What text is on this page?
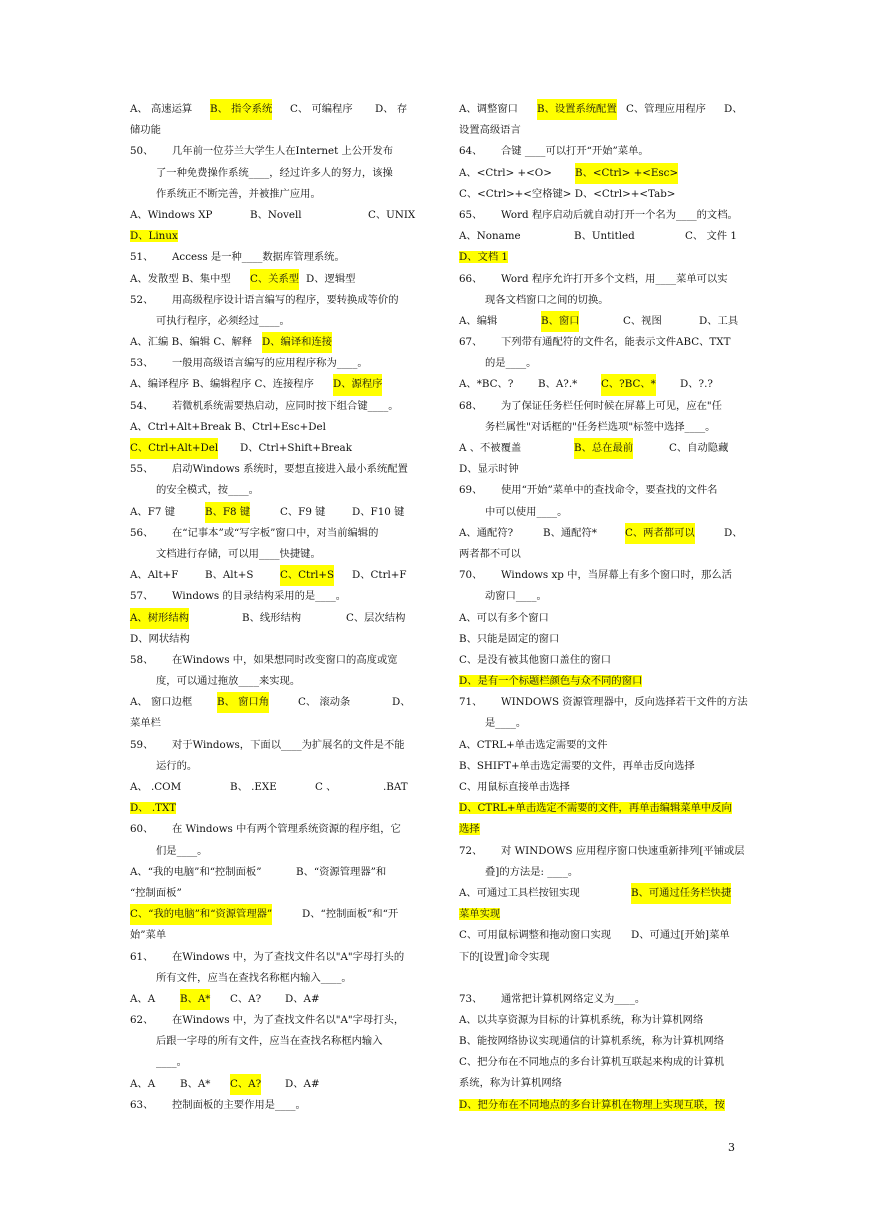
A、 高速运算 B、 指令系统 C、 可编程序 D、 存
储功能
50、 几年前一位芬兰大学生人在Internet 上公开发布
了一种免费操作系统____，经过许多人的努力，该操
作系统正不断完善，并被推广应用。
A、Windows XP	B、Novell	C、UNIX
D、Linux
51、 Access 是一种____数据库管理系统。
A、发散型 B、集中型 C、关系型 D、逻辑型
52、 用高级程序设计语言编写的程序，要转换成等价的
可执行程序，必须经过____。
A、汇编 B、编辑 C、解释 D、编译和连接
53、 一般用高级语言编写的应用程序称为____。
A、编译程序 B、编辑程序 C、连接程序 D、源程序
54、 若微机系统需要热启动，应同时按下组合键____。
A、Ctrl+Alt+Break B、Ctrl+Esc+Del
C、Ctrl+Alt+Del D、Ctrl+Shift+Break
55、 启动Windows 系统时，要想直接进入最小系统配置
的安全模式，按____。
A、F7 键	B、F8 键	C、F9 键	D、F10 键
56、 在“记事本”或“写字板”窗口中，对当前编辑的
文档进行存储，可以用____快捷键。
A、Alt+F	B、Alt+S	C、Ctrl+S D、Ctrl+F
57、 Windows 的目录结构采用的是____。
A、树形结构	B、线形结构	C、层次结构
D、网状结构
58、 在Windows 中，如果想同时改变窗口的高度或宽
度，可以通过拖放____来实现。
A、 窗口边框 B、 窗口角	C、 滚动条	D、
菜单栏
59、 对于Windows，下面以____为扩展名的文件是不能
运行的。
A、 .COM	B、 .EXE	C 、	.BAT
D、 .TXT
60、 在 Windows 中有两个管理系统资源的程序组，它
们是____。
A、“我的电脑”和“控制面板”	B、“资源管理器”和
“控制面板”
C、“我的电脑”和“资源管理器”	D、“控制面板”和“开
始”菜单
61、 在Windows 中，为了查找文件名以"A"字母打头的
所有文件，应当在查找名称框内输入____。
A、A B、A* C、A? D、A#
62、 在Windows 中，为了查找文件名以"A"字母打头，
后跟一字母的所有文件，应当在查找名称框内输入
____。
A、A B、A* C、A? D、A#
63、 控制面板的主要作用是____。
A、调整窗口 B、设置系统配置 C、管理应用程序 D、
设置高级语言
64、 合键 ____可以打开“开始”菜单。
A、<Ctrl> +<O> B、<Ctrl> +<Esc>
C、<Ctrl>+<空格键> D、<Ctrl>+<Tab>
65、 Word 程序启动后就自动打开一个名为____的文档。
A、Noname	B、Untitled	C、 文件 1
D、文档 1
66、 Word 程序允许打开多个文档，用____菜单可以实
现各文档窗口之间的切换。
A、编辑	B、窗口	C、视图	D、工具
67、 下列带有通配符的文件名，能表示文件ABC、TXT
的是____。
A、*BC、? B、A?.* C、?BC、* D、?.?
68、 为了保证任务栏任何时候在屏幕上可见，应在"任
务栏属性"对话框的"任务栏选项"标签中选择____。
A 、不被覆盖	B、总在最前	C、自动隐藏
D、显示时钟
69、 使用“开始”菜单中的查找命令，要查找的文件名
中可以使用____。
A、通配符?	B、通配符*	C、两者都可以	D、
两者都不可以
70、 Windows xp 中，当屏幕上有多个窗口时，那么活
动窗口____。
A、可以有多个窗口
B、只能是固定的窗口
C、是没有被其他窗口盖住的窗口
D、是有一个标题栏颜色与众不同的窗口
71、 WINDOWS 资源管理器中，反向选择若干文件的方法
是____。
A、CTRL+单击选定需要的文件
B、SHIFT+单击选定需要的文件，再单击反向选择
C、用鼠标直接单击选择
D、CTRL+单击选定不需要的文件，再单击编辑菜单中反向
选择
72、 对 WINDOWS 应用程序窗口快速重新排列[平铺或层
叠]的方法是: ____。
A、可通过工具栏按钮实现	B、可通过任务栏快捷
菜单实现
C、可用鼠标调整和拖动窗口实现 D、可通过[开始]菜单
下的[设置]命令实现
73、 通常把计算机网络定义为____。
A、以共享资源为目标的计算机系统，称为计算机网络
B、能按网络协议实现通信的计算机系统，称为计算机网络
C、把分布在不同地点的多台计算机互联起来构成的计算机
系统，称为计算机网络
D、把分布在不同地点的多台计算机在物理上实现互联，按
3
